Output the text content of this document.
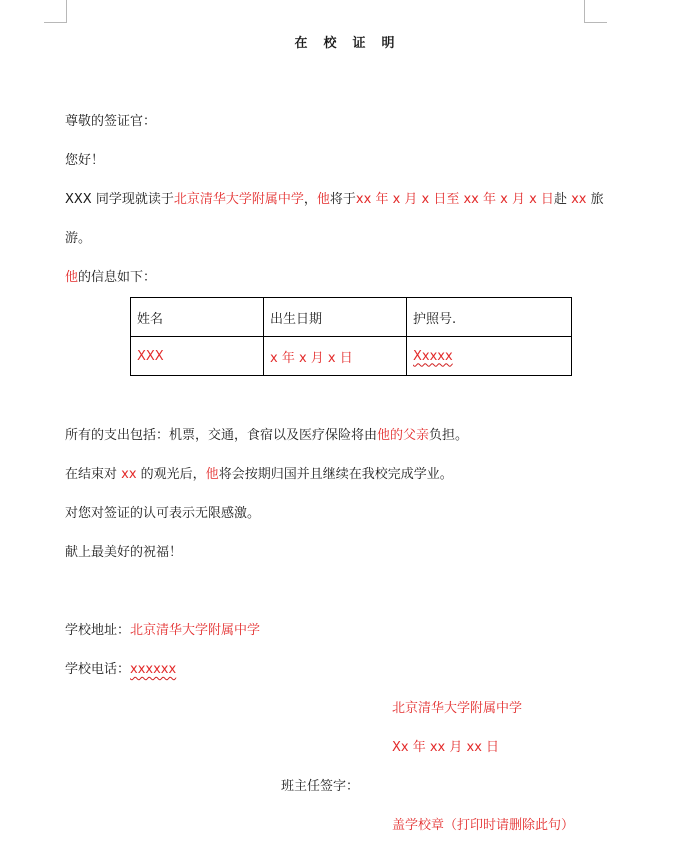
在校证明
尊敬的签证官：
您好！
XXX 同学现就读于北京清华大学附属中学，他将于xx 年 x 月 x 日至 xx 年 x 月 x 日赴 xx 旅
游。
他的信息如下：
姓名	出生日期	护照号.
XXX	x 年 x 月 x 日	Xxxxx
所有的支出包括：机票，交通，食宿以及医疗保险将由他的父亲负担。
在结束对 xx 的观光后，他将会按期归国并且继续在我校完成学业。
对您对签证的认可表示无限感激。
献上最美好的祝福！
学校地址：北京清华大学附属中学
学校电话：xxxxxx
北京清华大学附属中学
Xx 年 xx 月 xx 日
班主任签字：
盖学校章（打印时请删除此句）
